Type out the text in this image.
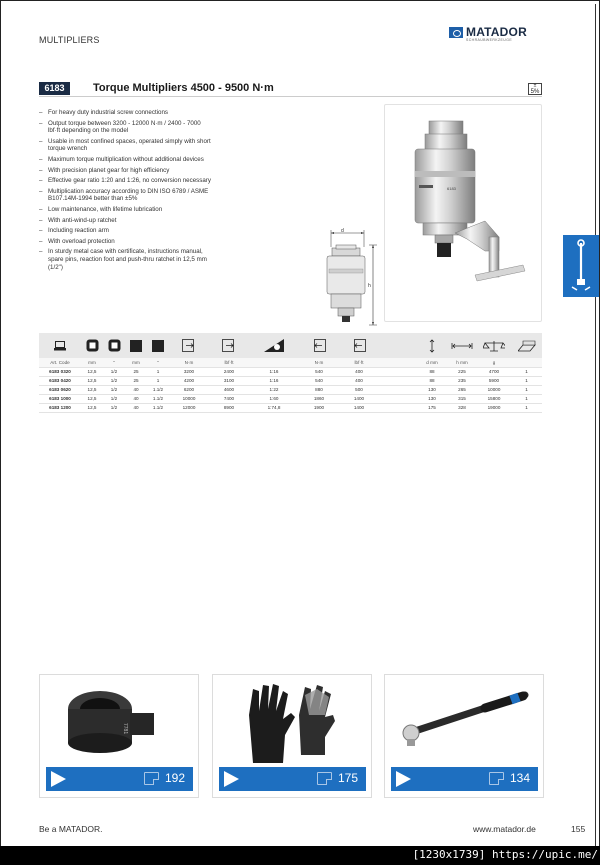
MULTIPLIERS
MATADOR
SCHRAUBWERKZEUGE
6183	Torque Multipliers 4500 - 9500 N·m	±
5%
– For heavy duty industrial screw connections
– Output torque between 3200 - 12000 N·m / 2400 - 7000 lbf·ft depending on the model
– Usable in most confined spaces, operated simply with short torque wrench
– Maximum torque multiplication without additional devices
– With precision planet gear for high efficiency
– Effective gear ratio 1:20 and 1:26, no conversion necessary
– Multiplication accuracy according to DIN ISO 6789 / ASME B107.14M-1994 better than ±5%
– Low maintenance, with lifetime lubrication
– With anti-wind-up ratchet
– Including reaction arm
– With overload protection
– In sturdy metal case with certificate, instructions manual, spare pins, reaction foot and push-thru ratchet in 12,5 mm (1/2")
d
h
6183
Art. Code	mm	"	mm	"	N·m	lbf·ft		N·m	lbf·ft		d mm	h mm	g	
6183 0320	12,5	1/2	25	1	3200	2400	1:16	540	400		88	225	4700	1
6183 0420	12,5	1/2	25	1	4200	3100	1:16	540	400		88	235	5900	1
6183 0620	12,5	1/2	40	1.1/2	6200	4600	1:22	880	500		130	265	10000	1
6183 1000	12,5	1/2	40	1.1/2	10000	7400	1:60	1860	1400		130	315	15800	1
6183 1200	12,5	1/2	40	1.1/2	12000	8900	1:74,8	1900	1400		175	328	19000	1
7781
192	175	134
Be a MATADOR.	www.matador.de	155
[1230x1739] https://upic.me/
